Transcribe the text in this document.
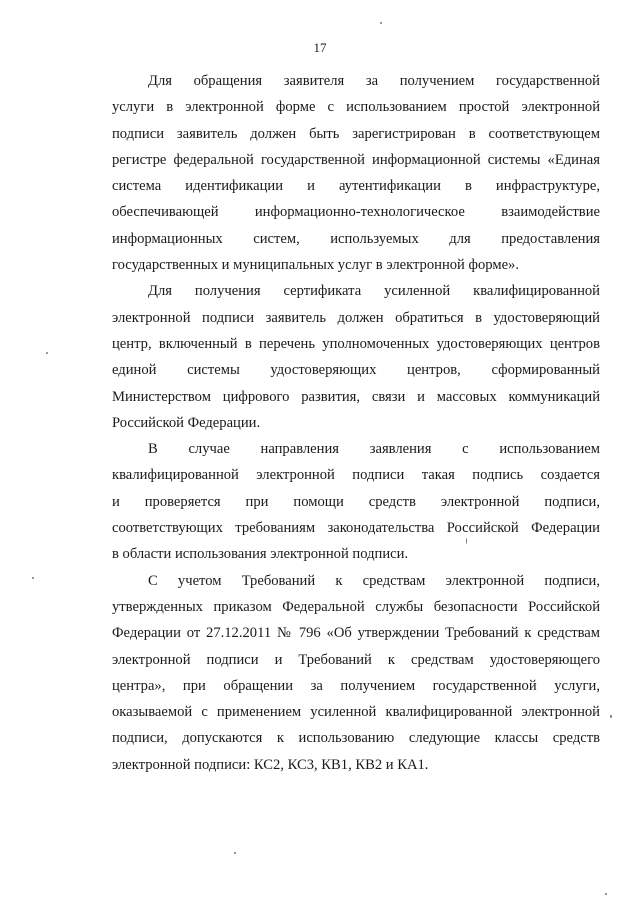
17
Для обращения заявителя за получением государственной
услуги в электронной форме с использованием простой электронной
подписи заявитель должен быть зарегистрирован в соответствующем
регистре федеральной государственной информационной системы «Единая
система идентификации и аутентификации в инфраструктуре,
обеспечивающей информационно-технологическое взаимодействие
информационных систем, используемых для предоставления
государственных и муниципальных услуг в электронной форме».
Для получения сертификата усиленной квалифицированной
электронной подписи заявитель должен обратиться в удостоверяющий
центр, включенный в перечень уполномоченных удостоверяющих центров
единой системы удостоверяющих центров, сформированный
Министерством цифрового развития, связи и массовых коммуникаций
Российской Федерации.
В случае направления заявления с использованием
квалифицированной электронной подписи такая подпись создается
и проверяется при помощи средств электронной подписи,
соответствующих требованиям законодательства Российской Федерации
в области использования электронной подписи.
С учетом Требований к средствам электронной подписи,
утвержденных приказом Федеральной службы безопасности Российской
Федерации от 27.12.2011 № 796 «Об утверждении Требований к средствам
электронной подписи и Требований к средствам удостоверяющего
центра», при обращении за получением государственной услуги,
оказываемой с применением усиленной квалифицированной электронной
подписи, допускаются к использованию следующие классы средств
электронной подписи: КС2, КС3, КВ1, КВ2 и КА1.
